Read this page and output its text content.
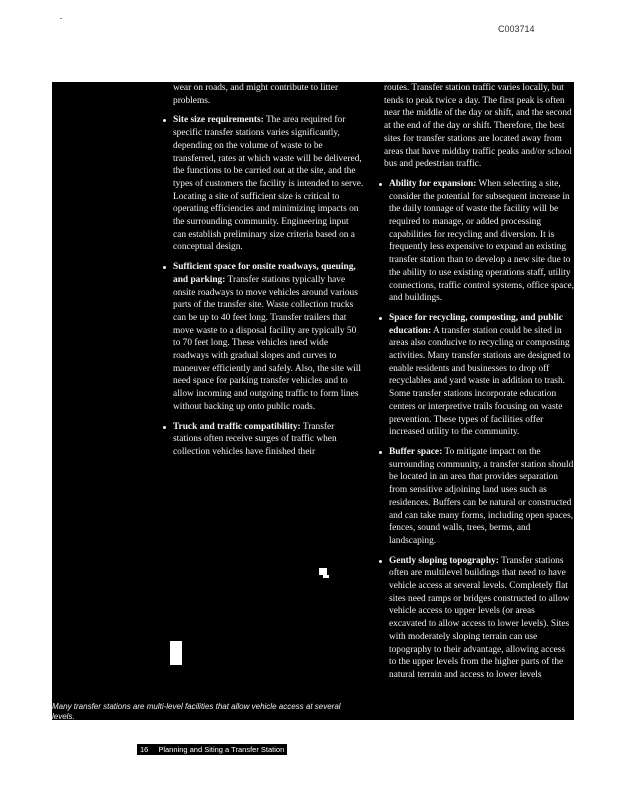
C003714

wear on roads, and might contribute to litter problems.

Site size requirements: The area required for specific transfer stations varies significantly, depending on the volume of waste to be transferred, rates at which waste will be delivered, the functions to be carried out at the site, and the types of customers the facility is intended to serve. Locating a site of sufficient size is critical to operating efficiencies and minimizing impacts on the surrounding community. Engineering input can establish preliminary size criteria based on a conceptual design.
Sufficient space for onsite roadways, queuing, and parking: Transfer stations typically have onsite roadways to move vehicles around various parts of the transfer site. Waste collection trucks can be up to 40 feet long. Transfer trailers that move waste to a disposal facility are typically 50 to 70 feet long. These vehicles need wide roadways with gradual slopes and curves to maneuver efficiently and safely. Also, the site will need space for parking transfer vehicles and to allow incoming and outgoing traffic to form lines without backing up onto public roads.
Truck and traffic compatibility: Transfer stations often receive surges of traffic when collection vehicles have finished their

routes. Transfer station traffic varies locally, but tends to peak twice a day. The first peak is often near the middle of the day or shift, and the second at the end of the day or shift. Therefore, the best sites for transfer stations are located away from areas that have midday traffic peaks and/or school bus and pedestrian traffic.

Ability for expansion: When selecting a site, consider the potential for subsequent increase in the daily tonnage of waste the facility will be required to manage, or added processing capabilities for recycling and diversion. It is frequently less expensive to expand an existing transfer station than to develop a new site due to the ability to use existing operations staff, utility connections, traffic control systems, office space, and buildings.
Space for recycling, composting, and public education: A transfer station could be sited in areas also conducive to recycling or composting activities. Many transfer stations are designed to enable residents and businesses to drop off recyclables and yard waste in addition to trash. Some transfer stations incorporate education centers or interpretive trails focusing on waste prevention. These types of facilities offer increased utility to the community.
Buffer space: To mitigate impact on the surrounding community, a transfer station should be located in an area that provides separation from sensitive adjoining land uses such as residences. Buffers can be natural or constructed and can take many forms, including open spaces, fences, sound walls, trees, berms, and landscaping.
Gently sloping topography: Transfer stations often are multilevel buildings that need to have vehicle access at several levels. Completely flat sites need ramps or bridges constructed to allow vehicle access to upper levels (or areas excavated to allow access to lower levels). Sites with moderately sloping terrain can use topography to their advantage, allowing access to the upper levels from the higher parts of the natural terrain and access to lower levels
Many transfer stations are multi-level facilities that allow vehicle access at several levels.
16 Planning and Siting a Transfer Station
